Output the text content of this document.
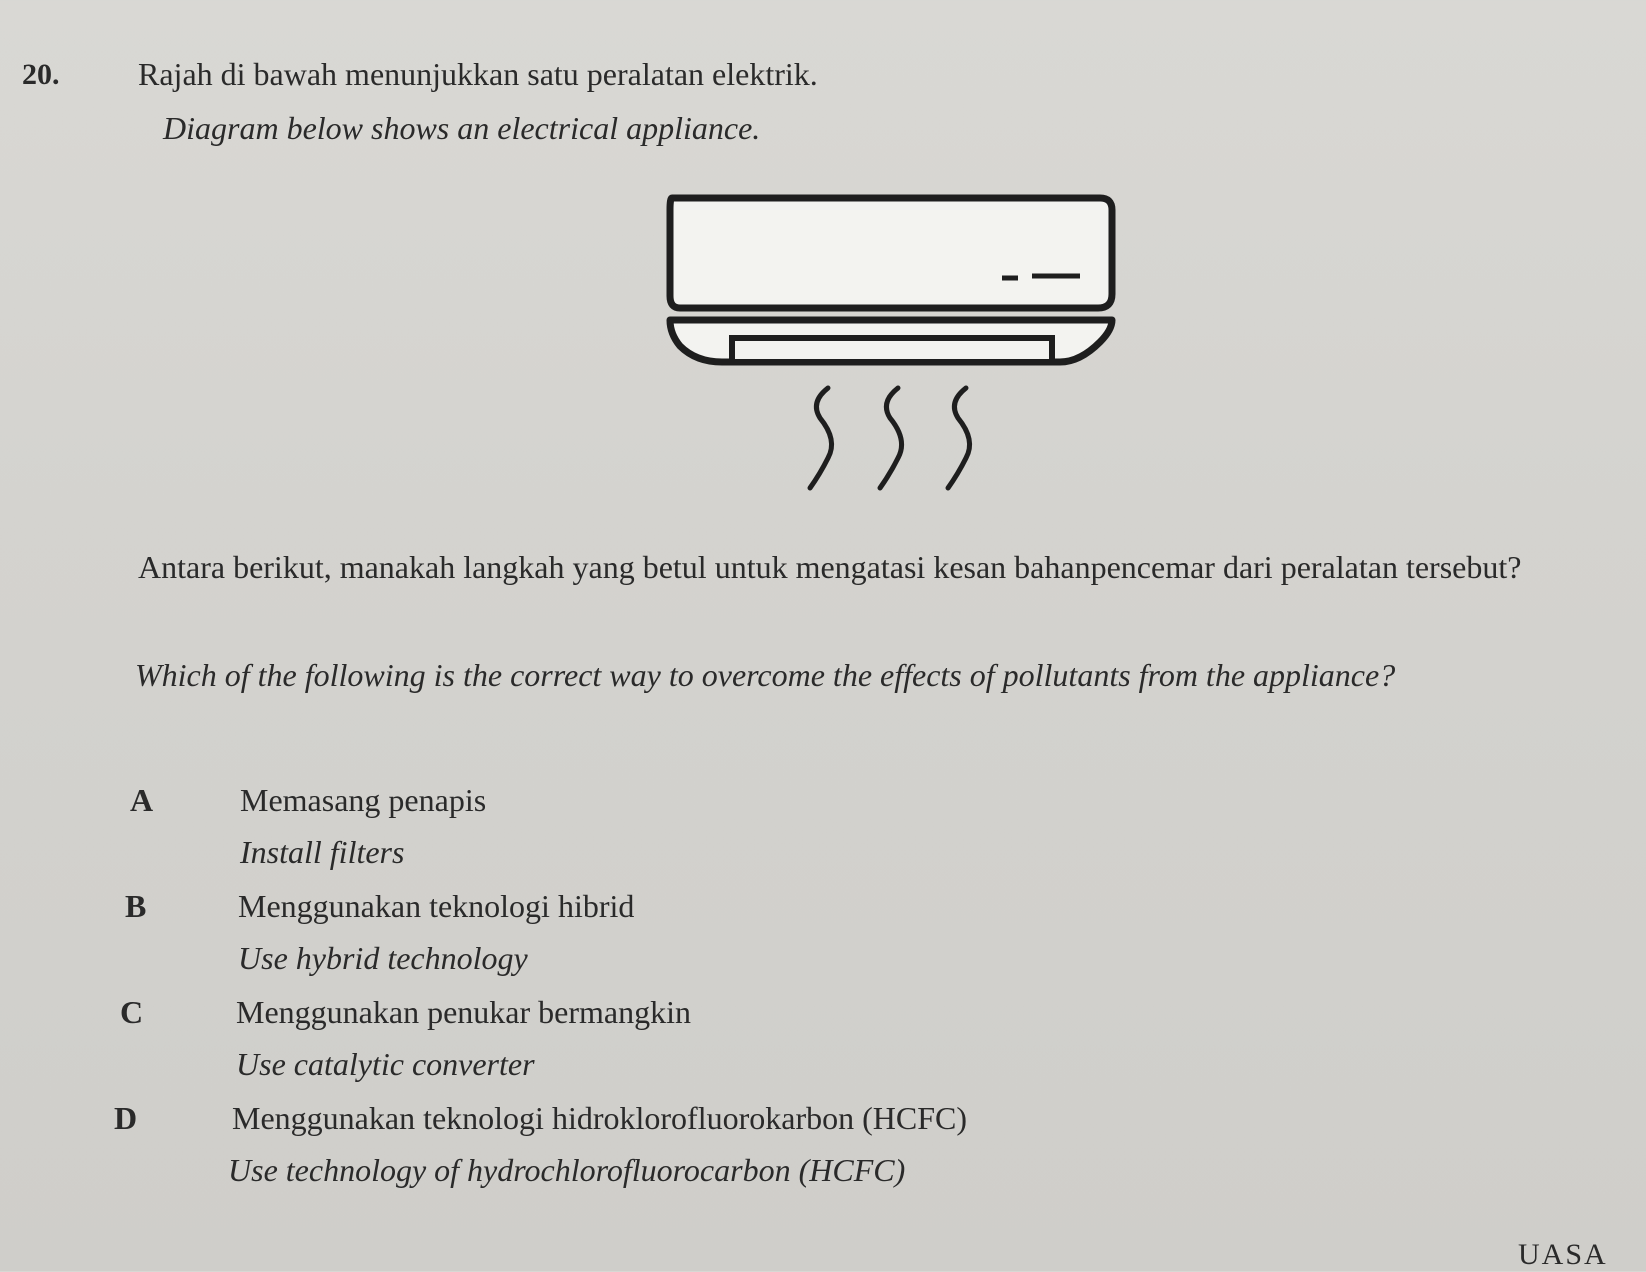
20. Rajah di bawah menunjukkan satu peralatan elektrik.
Diagram below shows an electrical appliance.
Antara berikut, manakah langkah yang betul untuk mengatasi kesan bahanpencemar dari peralatan tersebut?
Which of the following is the correct way to overcome the effects of pollutants from the appliance?
A	Memasang penapis
Install filters
B	Menggunakan teknologi hibrid
Use hybrid technology
C	Menggunakan penukar bermangkin
Use catalytic converter
D	Menggunakan teknologi hidroklorofluorokarbon (HCFC)
Use technology of hydrochlorofluorocarbon (HCFC)
UASA
